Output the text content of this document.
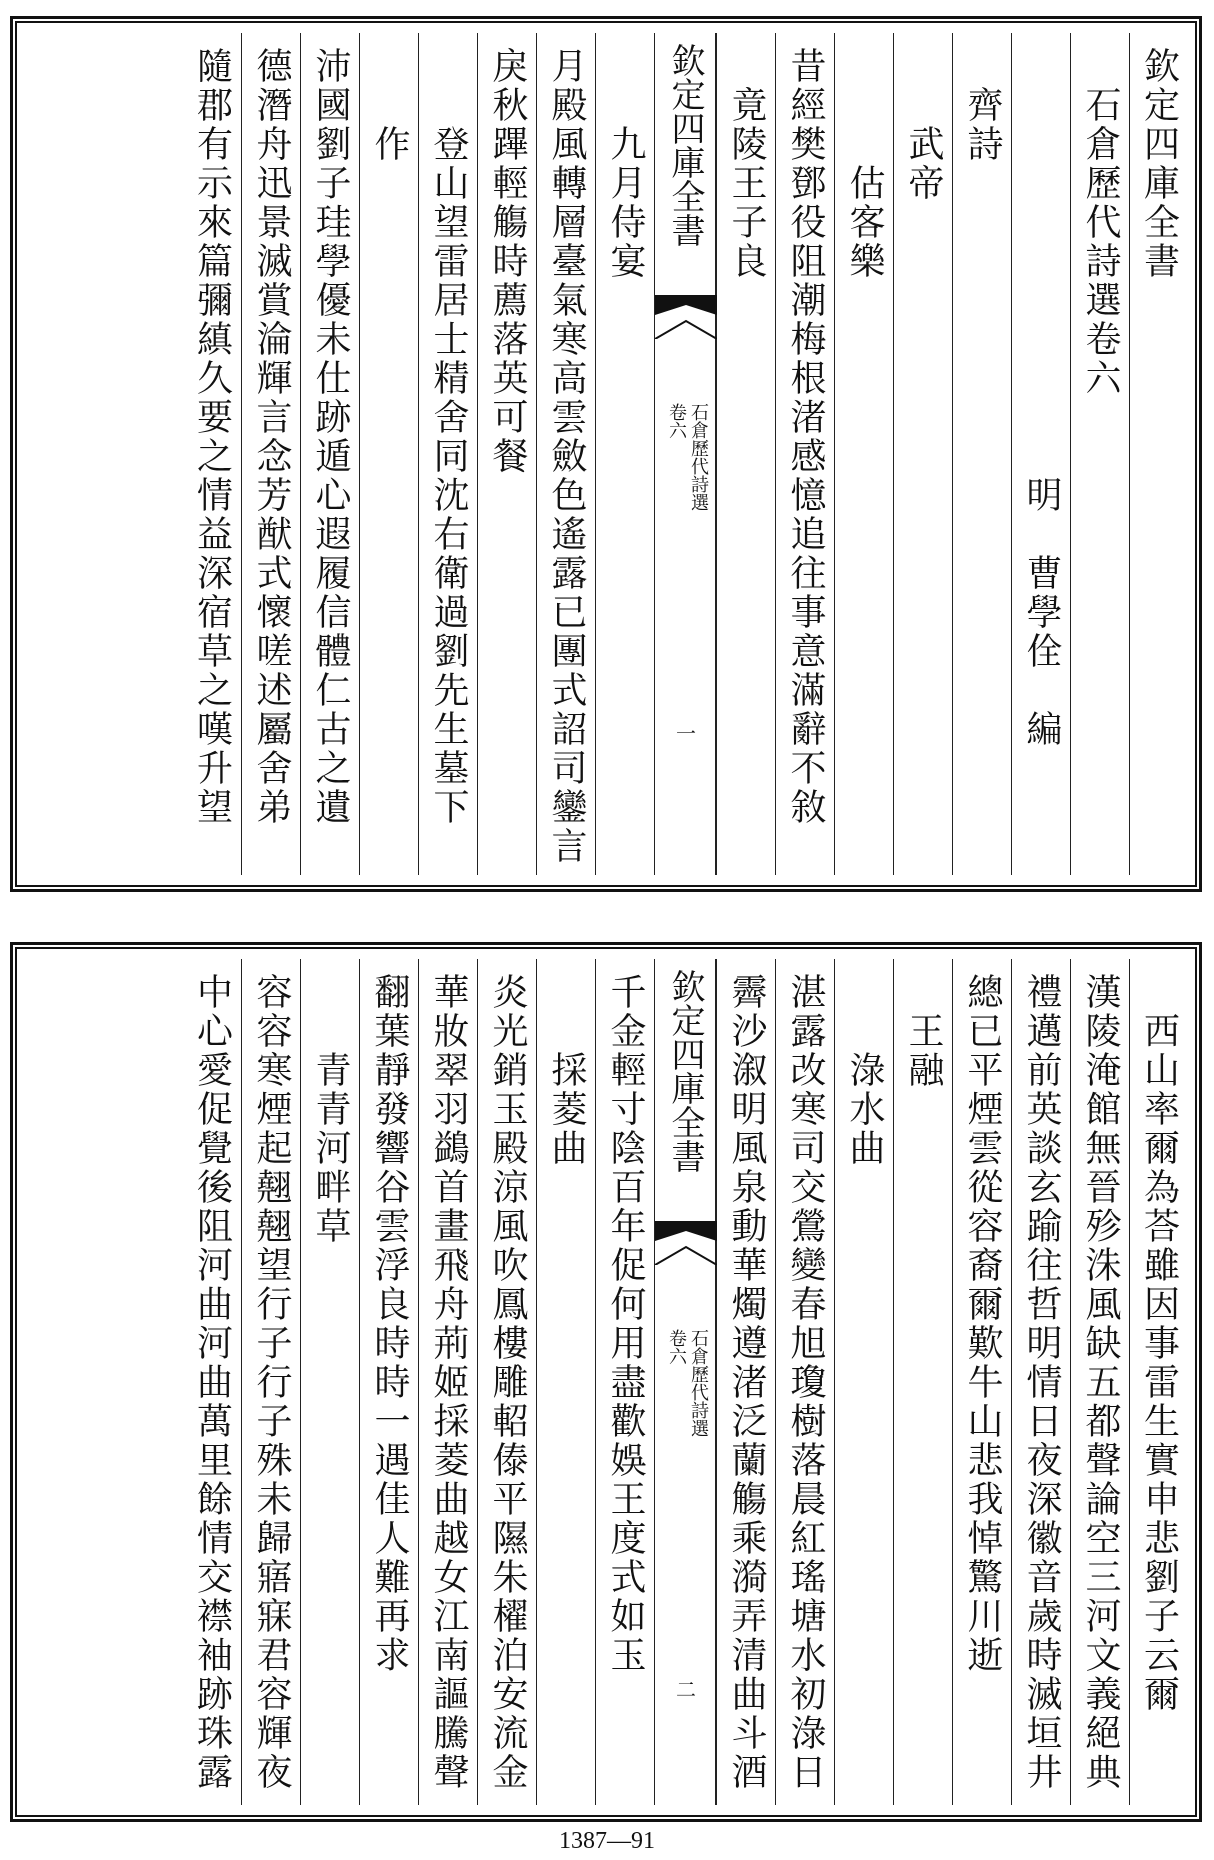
欽定四庫全書
　石倉歷代詩選卷六
　　　　　　　　　　　明　曹學佺　編
　齊詩
　　武帝
　　　估客樂
昔經樊鄧役阻潮梅根渚感憶追往事意滿辭不敘
　竟陵王子良
欽定四庫全書
石倉歷代詩選
卷六
一
　　九月侍宴
月殿風轉層臺氣寒高雲斂色遙露已團式詔司鑾言
戾秋蹕輕觴時薦落英可餐
　　登山望雷居士精舍同沈右衛過劉先生墓下
　　作
沛國劉子珪學優未仕跡遁心遐履信體仁古之遺
德潛舟迅景滅賞淪輝言念芳猷式懷嗟述屬舍弟
隨郡有示來篇彌縝久要之情益深宿草之嘆升望
　西山率爾為荅雖因事雷生實申悲劉子云爾
漢陵淹館無晉殄洙風缺五都聲論空三河文義絕典
禮邁前英談玄踰往哲明情日夜深徽音歲時滅垣井
總已平煙雲從容裔爾歎牛山悲我悼驚川逝
　王融
　　淥水曲
湛露改寒司交鶯變春旭瓊樹落晨紅瑤塘水初淥日
霽沙溆明風泉動華燭遵渚泛蘭觴乘漪弄清曲斗酒
欽定四庫全書
石倉歷代詩選
卷六
二
千金輕寸陰百年促何用盡歡娛王度式如玉
　　採菱曲
炎光銷玉殿涼風吹鳳樓雕軺傣平隰朱櫂泊安流金
華妝翠羽鷁首畫飛舟荊姬採菱曲越女江南謳騰聲
翻葉靜發響谷雲浮良時時一遇佳人難再求
　　青青河畔草
容容寒煙起翹翹望行子行子殊未歸寤寐君容輝夜
中心愛促覺後阻河曲河曲萬里餘情交襟袖跡珠露
1387—91
